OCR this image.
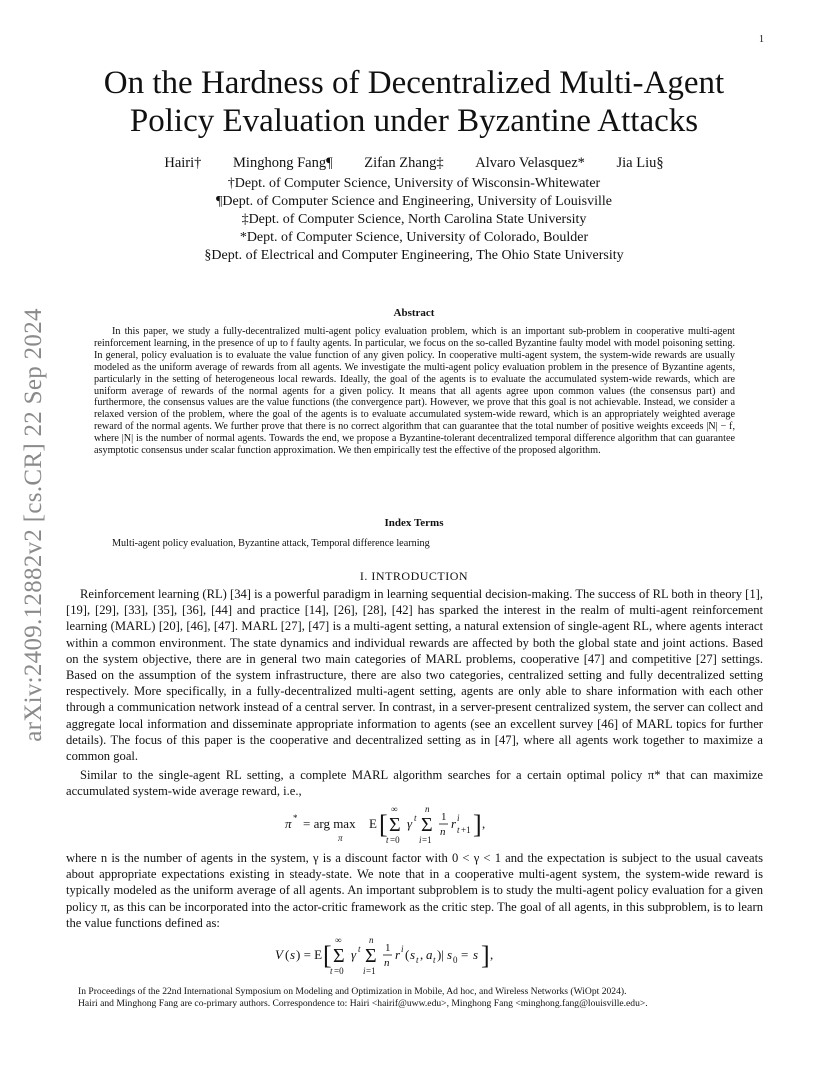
1
arXiv:2409.12882v2 [cs.CR] 22 Sep 2024
On the Hardness of Decentralized Multi-Agent
Policy Evaluation under Byzantine Attacks
Hairi† Minghong Fang¶ Zifan Zhang‡ Alvaro Velasquez* Jia Liu§
†Dept. of Computer Science, University of Wisconsin-Whitewater
¶Dept. of Computer Science and Engineering, University of Louisville
‡Dept. of Computer Science, North Carolina State University
*Dept. of Computer Science, University of Colorado, Boulder
§Dept. of Electrical and Computer Engineering, The Ohio State University
Abstract
In this paper, we study a fully-decentralized multi-agent policy evaluation problem, which is an important sub-problem in cooperative multi-agent reinforcement learning, in the presence of up to f faulty agents. In particular, we focus on the so-called Byzantine faulty model with model poisoning setting. In general, policy evaluation is to evaluate the value function of any given policy. In cooperative multi-agent system, the system-wide rewards are usually modeled as the uniform average of rewards from all agents. We investigate the multi-agent policy evaluation problem in the presence of Byzantine agents, particularly in the setting of heterogeneous local rewards. Ideally, the goal of the agents is to evaluate the accumulated system-wide rewards, which are uniform average of rewards of the normal agents for a given policy. It means that all agents agree upon common values (the consensus part) and furthermore, the consensus values are the value functions (the convergence part). However, we prove that this goal is not achievable. Instead, we consider a relaxed version of the problem, where the goal of the agents is to evaluate accumulated system-wide reward, which is an appropriately weighted average reward of the normal agents. We further prove that there is no correct algorithm that can guarantee that the total number of positive weights exceeds |N| − f, where |N| is the number of normal agents. Towards the end, we propose a Byzantine-tolerant decentralized temporal difference algorithm that can guarantee asymptotic consensus under scalar function approximation. We then empirically test the effective of the proposed algorithm.
Index Terms
Multi-agent policy evaluation, Byzantine attack, Temporal difference learning
I. INTRODUCTION

Reinforcement learning (RL) [34] is a powerful paradigm in learning sequential decision-making. The success of RL both in theory [1], [19], [29], [33], [35], [36], [44] and practice [14], [26], [28], [42] has sparked the interest in the realm of multi-agent reinforcement learning (MARL) [20], [46], [47]. MARL [27], [47] is a multi-agent setting, a natural extension of single-agent RL, where agents interact within a common environment. The state dynamics and individual rewards are affected by both the global state and joint actions. Based on the system objective, there are in general two main categories of MARL problems, cooperative [47] and competitive [27] settings. Based on the assumption of the system infrastructure, there are also two categories, centralized setting and fully decentralized setting respectively. More specifically, in a fully-decentralized multi-agent setting, agents are only able to share information with each other through a communication network instead of a central server. In contrast, in a server-present centralized system, the server can collect and aggregate local information and disseminate appropriate information to agents (see an excellent survey [46] of MARL topics for further details). The focus of this paper is the cooperative and decentralized setting as in [47], where all agents work together to maximize a common goal.

Similar to the single-agent RL setting, a complete MARL algorithm searches for a certain optimal policy π* that can maximize accumulated system-wide average reward, i.e.,

π * = arg max
π
E [ Σ
∞
t =0
γ t Σ
n
i =1
1
n
r i
t +1 ] ,

where n is the number of agents in the system, γ is a discount factor with 0 < γ < 1 and the expectation is subject to the usual caveats about appropriate expectations existing in steady-state. We note that in a cooperative multi-agent system, the system-wide reward is typically modeled as the uniform average of all agents. An important subproblem is to study the multi-agent policy evaluation for a given policy π, as this can be incorporated into the actor-critic framework as the critic step. The goal of all agents, in this subproblem, is to learn the value functions defined as:

V ( s ) = E [ Σ
∞
t =0
γ t Σ
n
i =1
1
n
r i ( s t , a t )| s 0 = s ] ,
In Proceedings of the 22nd International Symposium on Modeling and Optimization in Mobile, Ad hoc, and Wireless Networks (WiOpt 2024).
Hairi and Minghong Fang are co-primary authors. Correspondence to: Hairi <hairif@uww.edu>, Minghong Fang <minghong.fang@louisville.edu>.
